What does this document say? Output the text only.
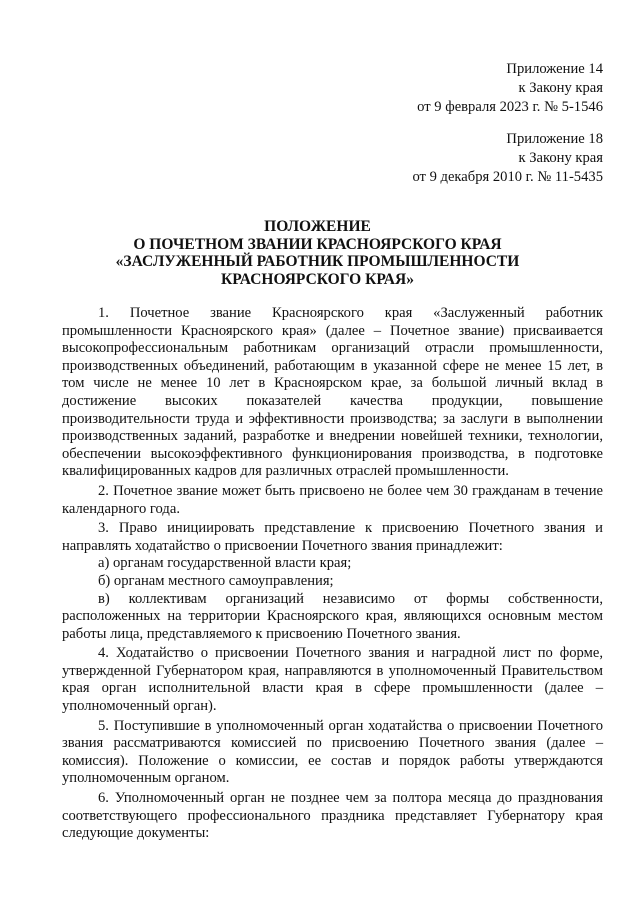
Приложение 14
к Закону края
от 9 февраля 2023 г. № 5-1546
Приложение 18
к Закону края
от 9 декабря 2010 г. № 11-5435
ПОЛОЖЕНИЕ
О ПОЧЕТНОМ ЗВАНИИ КРАСНОЯРСКОГО КРАЯ
«ЗАСЛУЖЕННЫЙ РАБОТНИК ПРОМЫШЛЕННОСТИ
КРАСНОЯРСКОГО КРАЯ»

1. Почетное звание Красноярского края «Заслуженный работник промышленности Красноярского края» (далее – Почетное звание) присваивается высокопрофессиональным работникам организаций отрасли промышленности, производственных объединений, работающим в указанной сфере не менее 15 лет, в том числе не менее 10 лет в Красноярском крае, за большой личный вклад в достижение высоких показателей качества продукции, повышение производительности труда и эффективности производства; за заслуги в выполнении производственных заданий, разработке и внедрении новейшей техники, технологии, обеспечении высокоэффективного функционирования производства, в подготовке квалифицированных кадров для различных отраслей промышленности.

2. Почетное звание может быть присвоено не более чем 30 гражданам в течение календарного года.

3. Право инициировать представление к присвоению Почетного звания и направлять ходатайство о присвоении Почетного звания принадлежит:

а) органам государственной власти края;

б) органам местного самоуправления;

в) коллективам организаций независимо от формы собственности, расположенных на территории Красноярского края, являющихся основным местом работы лица, представляемого к присвоению Почетного звания.

4. Ходатайство о присвоении Почетного звания и наградной лист по форме, утвержденной Губернатором края, направляются в уполномоченный Правительством края орган исполнительной власти края в сфере промышленности (далее – уполномоченный орган).

5. Поступившие в уполномоченный орган ходатайства о присвоении Почетного звания рассматриваются комиссией по присвоению Почетного звания (далее – комиссия). Положение о комиссии, ее состав и порядок работы утверждаются уполномоченным органом.

6. Уполномоченный орган не позднее чем за полтора месяца до празднования соответствующего профессионального праздника представляет Губернатору края следующие документы:
